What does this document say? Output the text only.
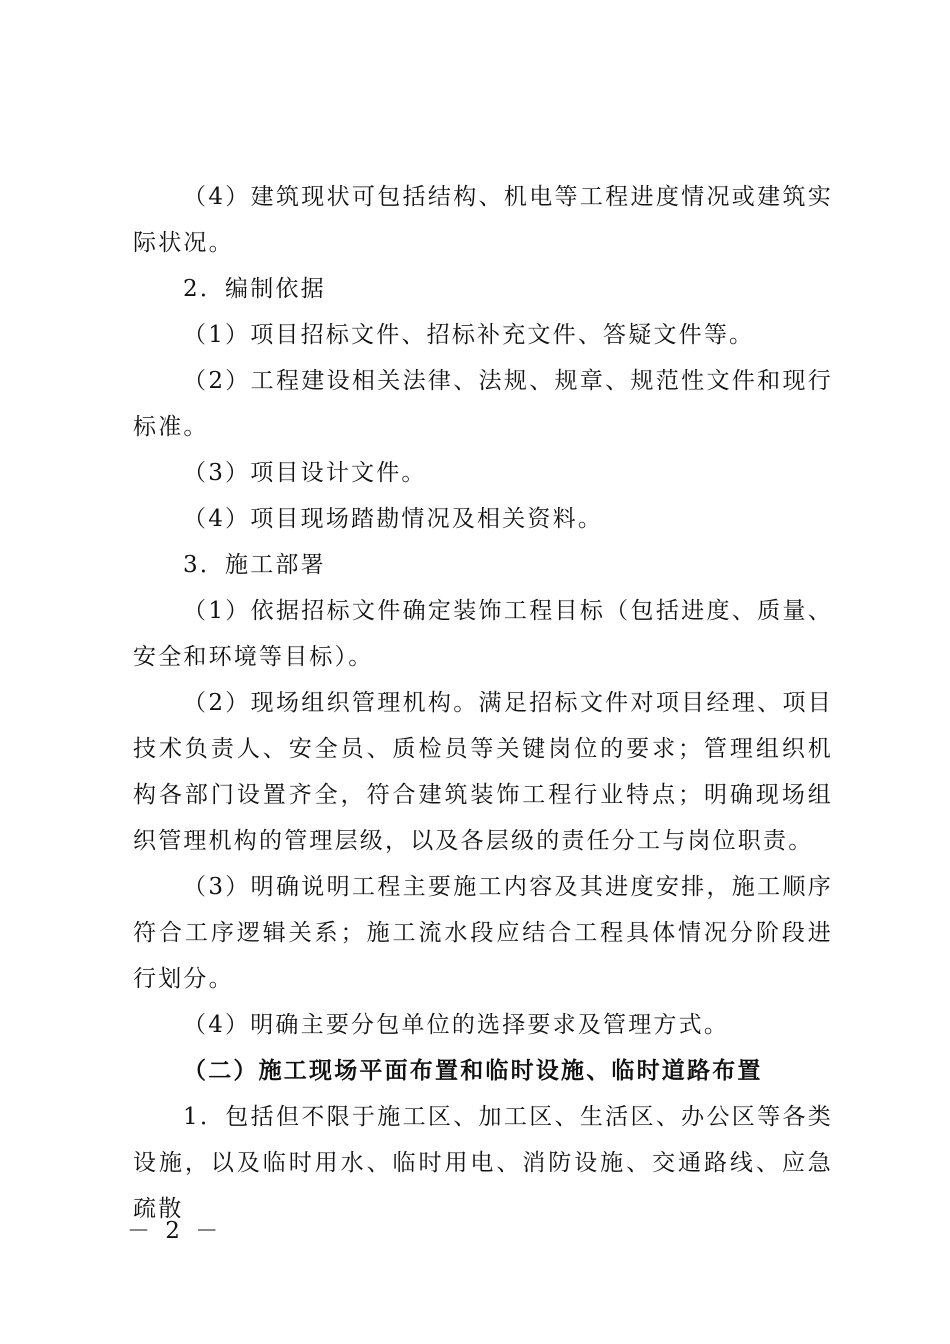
（4）建筑现状可包括结构、机电等工程进度情况或建筑实际状况。

2．编制依据

（1）项目招标文件、招标补充文件、答疑文件等。

（2）工程建设相关法律、法规、规章、规范性文件和现行标准。

（3）项目设计文件。

（4）项目现场踏勘情况及相关资料。

3．施工部署

（1）依据招标文件确定装饰工程目标（包括进度、质量、安全和环境等目标）。

（2）现场组织管理机构。满足招标文件对项目经理、项目技术负责人、安全员、质检员等关键岗位的要求；管理组织机构各部门设置齐全，符合建筑装饰工程行业特点；明确现场组织管理机构的管理层级，以及各层级的责任分工与岗位职责。

（3）明确说明工程主要施工内容及其进度安排，施工顺序符合工序逻辑关系；施工流水段应结合工程具体情况分阶段进行划分。

（4）明确主要分包单位的选择要求及管理方式。

（二）施工现场平面布置和临时设施、临时道路布置

1．包括但不限于施工区、加工区、生活区、办公区等各类设施，以及临时用水、临时用电、消防设施、交通路线、应急疏散

－ 2 －
